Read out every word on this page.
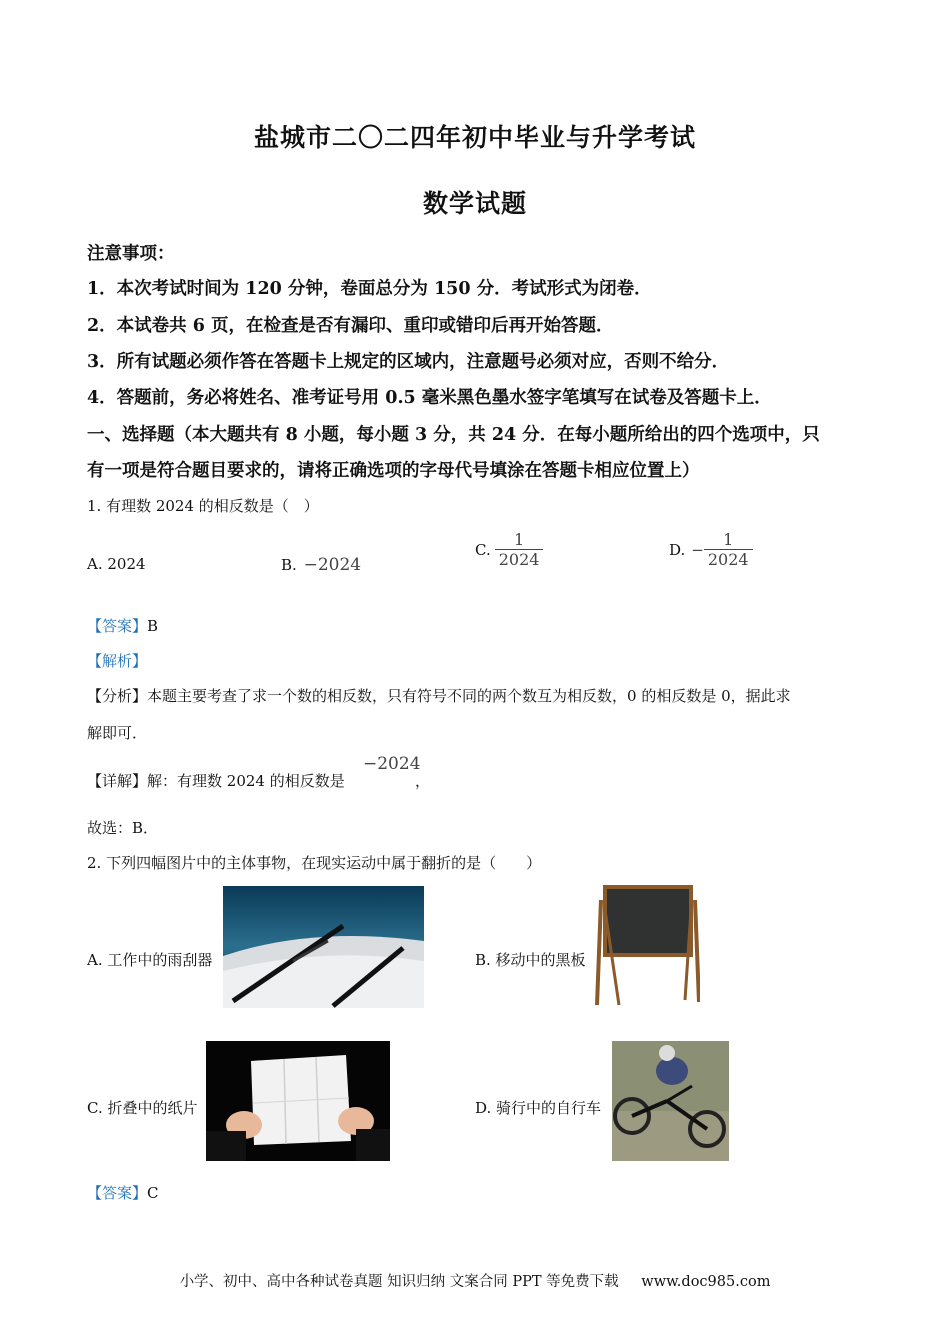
盐城市二〇二四年初中毕业与升学考试
数学试题
注意事项：
1．本次考试时间为 120 分钟，卷面总分为 150 分．考试形式为闭卷．
2．本试卷共 6 页，在检查是否有漏印、重印或错印后再开始答题．
3．所有试题必须作答在答题卡上规定的区域内，注意题号必须对应，否则不给分．
4．答题前，务必将姓名、准考证号用 0.5 毫米黑色墨水签字笔填写在试卷及答题卡上．
一、选择题（本大题共有 8 小题，每小题 3 分，共 24 分．在每小题所给出的四个选项中，只
有一项是符合题目要求的，请将正确选项的字母代号填涂在答题卡相应位置上）
1. 有理数 2024 的相反数是（　）
A. 2024	B. −2024
C. $\frac{1}{2024}$	D. − $\frac{1}{2024}$
【答案】B
【解析】
【分析】本题主要考查了求一个数的相反数，只有符号不同的两个数互为相反数，0 的相反数是 0，据此求
解即可．
【详解】解：有理数 2024 的相反数是
−2024
，
故选：B．
2. 下列四幅图片中的主体事物，在现实运动中属于翻折的是（　　）
A. 工作中的雨刮器	B. 移动中的黑板
C. 折叠中的纸片	D. 骑行中的自行车
【答案】C
小学、初中、高中各种试卷真题 知识归纳 文案合同 PPT 等免费下载 www.doc985.com
